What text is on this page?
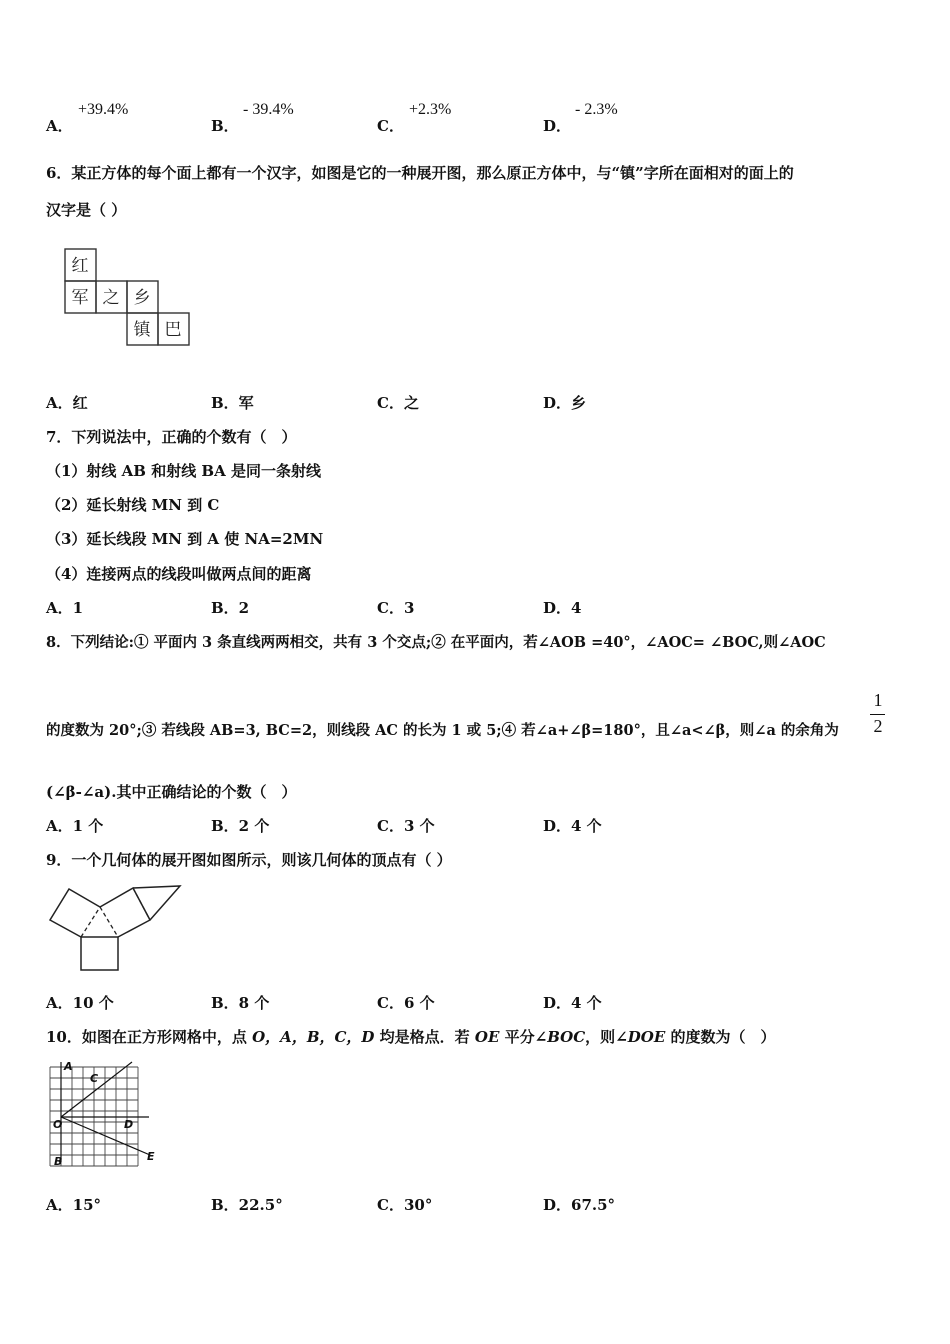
A．
+39.4%
B．
- 39.4%
C．
+2.3%
D．
- 2.3%
6．某正方体的每个面上都有一个汉字，如图是它的一种展开图，那么原正方体中，与“镇”字所在面相对的面上的
汉字是（ ）
红
军 之 乡
镇 巴
A．红	B．军	C．之	D．乡
7．下列说法中，正确的个数有（　）
（1）射线 AB 和射线 BA 是同一条射线
（2）延长射线 MN 到 C
（3）延长线段 MN 到 A 使 NA=2MN
（4）连接两点的线段叫做两点间的距离
A．1	B．2	C．3	D．4
8．下列结论:① 平面内 3 条直线两两相交，共有 3 个交点;② 在平面内，若∠AOB =40°，∠AOC= ∠BOC,则∠AOC
的度数为 20°;③ 若线段 AB=3, BC=2，则线段 AC 的长为 1 或 5;④ 若∠a+∠β=180°，且∠a<∠β，则∠a 的余角为
1
2
(∠β-∠a).其中正确结论的个数（　）
A．1 个	B．2 个	C．3 个	D．4 个
9．一个几何体的展开图如图所示，则该几何体的顶点有（ ）
A．10 个	B．8 个	C．6 个	D．4 个
10．如图在正方形网格中，点 O，A，B，C，D 均是格点．若 OE 平分∠BOC，则∠DOE 的度数为（　）
A
C
O	D
B	E
A．15°	B．22.5°	C．30°	D．67.5°
